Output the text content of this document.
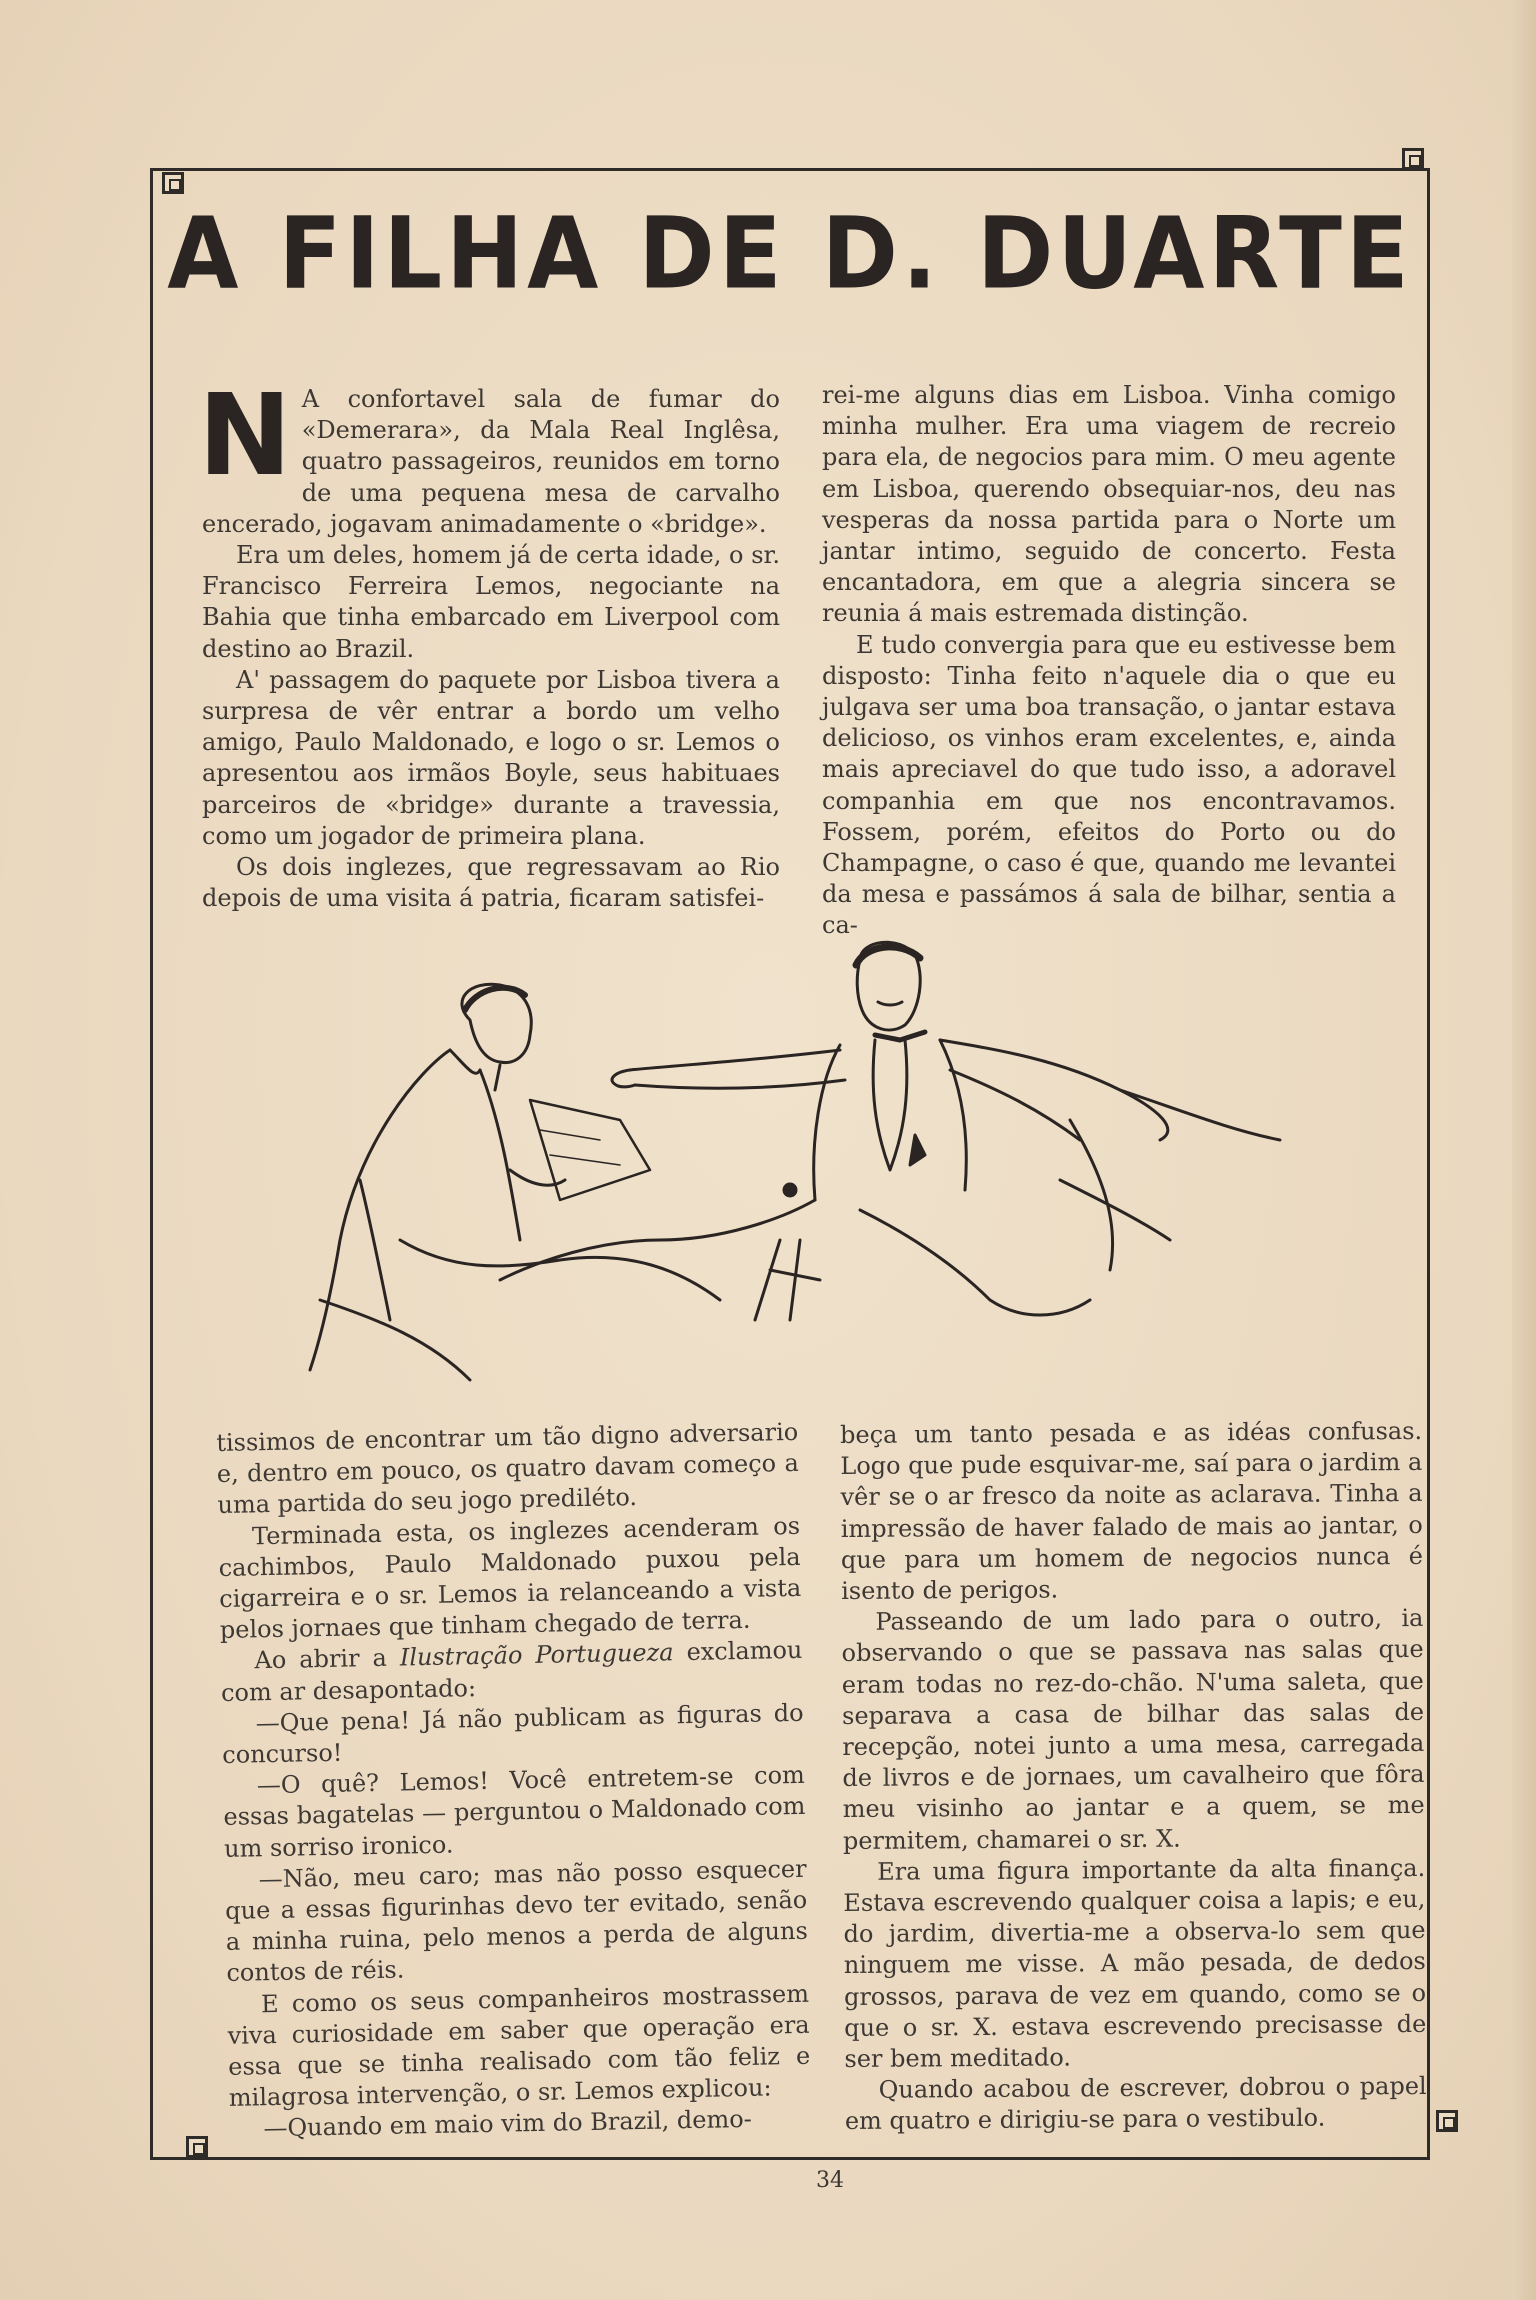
A FILHA DE D. DUARTE

N A confortavel sala de fumar do «Demerara», da Mala Real Inglêsa, quatro passageiros, reunidos em torno de uma pequena mesa de carvalho encerado, jogavam animadamente o «bridge».

Era um deles, homem já de certa idade, o sr. Francisco Ferreira Lemos, negociante na Bahia que tinha embarcado em Liverpool com destino ao Brazil.

A' passagem do paquete por Lisboa tivera a surpresa de vêr entrar a bordo um velho amigo, Paulo Maldonado, e logo o sr. Lemos o apresentou aos irmãos Boyle, seus habituaes parceiros de «bridge» durante a travessia, como um jogador de primeira plana.

Os dois inglezes, que regressavam ao Rio depois de uma visita á patria, ficaram satisfei-

rei-me alguns dias em Lisboa. Vinha comigo minha mulher. Era uma viagem de recreio para ela, de negocios para mim. O meu agente em Lisboa, querendo obsequiar-nos, deu nas vesperas da nossa partida para o Norte um jantar intimo, seguido de concerto. Festa encantadora, em que a alegria sincera se reunia á mais estremada distinção.

E tudo convergia para que eu estivesse bem disposto: Tinha feito n'aquele dia o que eu julgava ser uma boa transação, o jantar estava delicioso, os vinhos eram excelentes, e, ainda mais apreciavel do que tudo isso, a adoravel companhia em que nos encontravamos. Fossem, porém, efeitos do Porto ou do Champagne, o caso é que, quando me levantei da mesa e passámos á sala de bilhar, sentia a ca-

tissimos de encontrar um tão digno adversario e, dentro em pouco, os quatro davam começo a uma partida do seu jogo prediléto.

Terminada esta, os inglezes acenderam os cachimbos, Paulo Maldonado puxou pela cigarreira e o sr. Lemos ia relanceando a vista pelos jornaes que tinham chegado de terra.

Ao abrir a Ilustração Portugueza exclamou com ar desapontado:

—Que pena! Já não publicam as figuras do concurso!

—O quê? Lemos! Você entretem-se com essas bagatelas — perguntou o Maldonado com um sorriso ironico.

—Não, meu caro; mas não posso esquecer que a essas figurinhas devo ter evitado, senão a minha ruina, pelo menos a perda de alguns contos de réis.

E como os seus companheiros mostrassem viva curiosidade em saber que operação era essa que se tinha realisado com tão feliz e milagrosa intervenção, o sr. Lemos explicou:

—Quando em maio vim do Brazil, demo-

beça um tanto pesada e as idéas confusas. Logo que pude esquivar-me, saí para o jardim a vêr se o ar fresco da noite as aclarava. Tinha a impressão de haver falado de mais ao jantar, o que para um homem de negocios nunca é isento de perigos.

Passeando de um lado para o outro, ia observando o que se passava nas salas que eram todas no rez-do-chão. N'uma saleta, que separava a casa de bilhar das salas de recepção, notei junto a uma mesa, carregada de livros e de jornaes, um cavalheiro que fôra meu visinho ao jantar e a quem, se me permitem, chamarei o sr. X.

Era uma figura importante da alta finança. Estava escrevendo qualquer coisa a lapis; e eu, do jardim, divertia-me a observa-lo sem que ninguem me visse. A mão pesada, de dedos grossos, parava de vez em quando, como se o que o sr. X. estava escrevendo precisasse de ser bem meditado.

Quando acabou de escrever, dobrou o papel em quatro e dirigiu-se para o vestibulo.

34
